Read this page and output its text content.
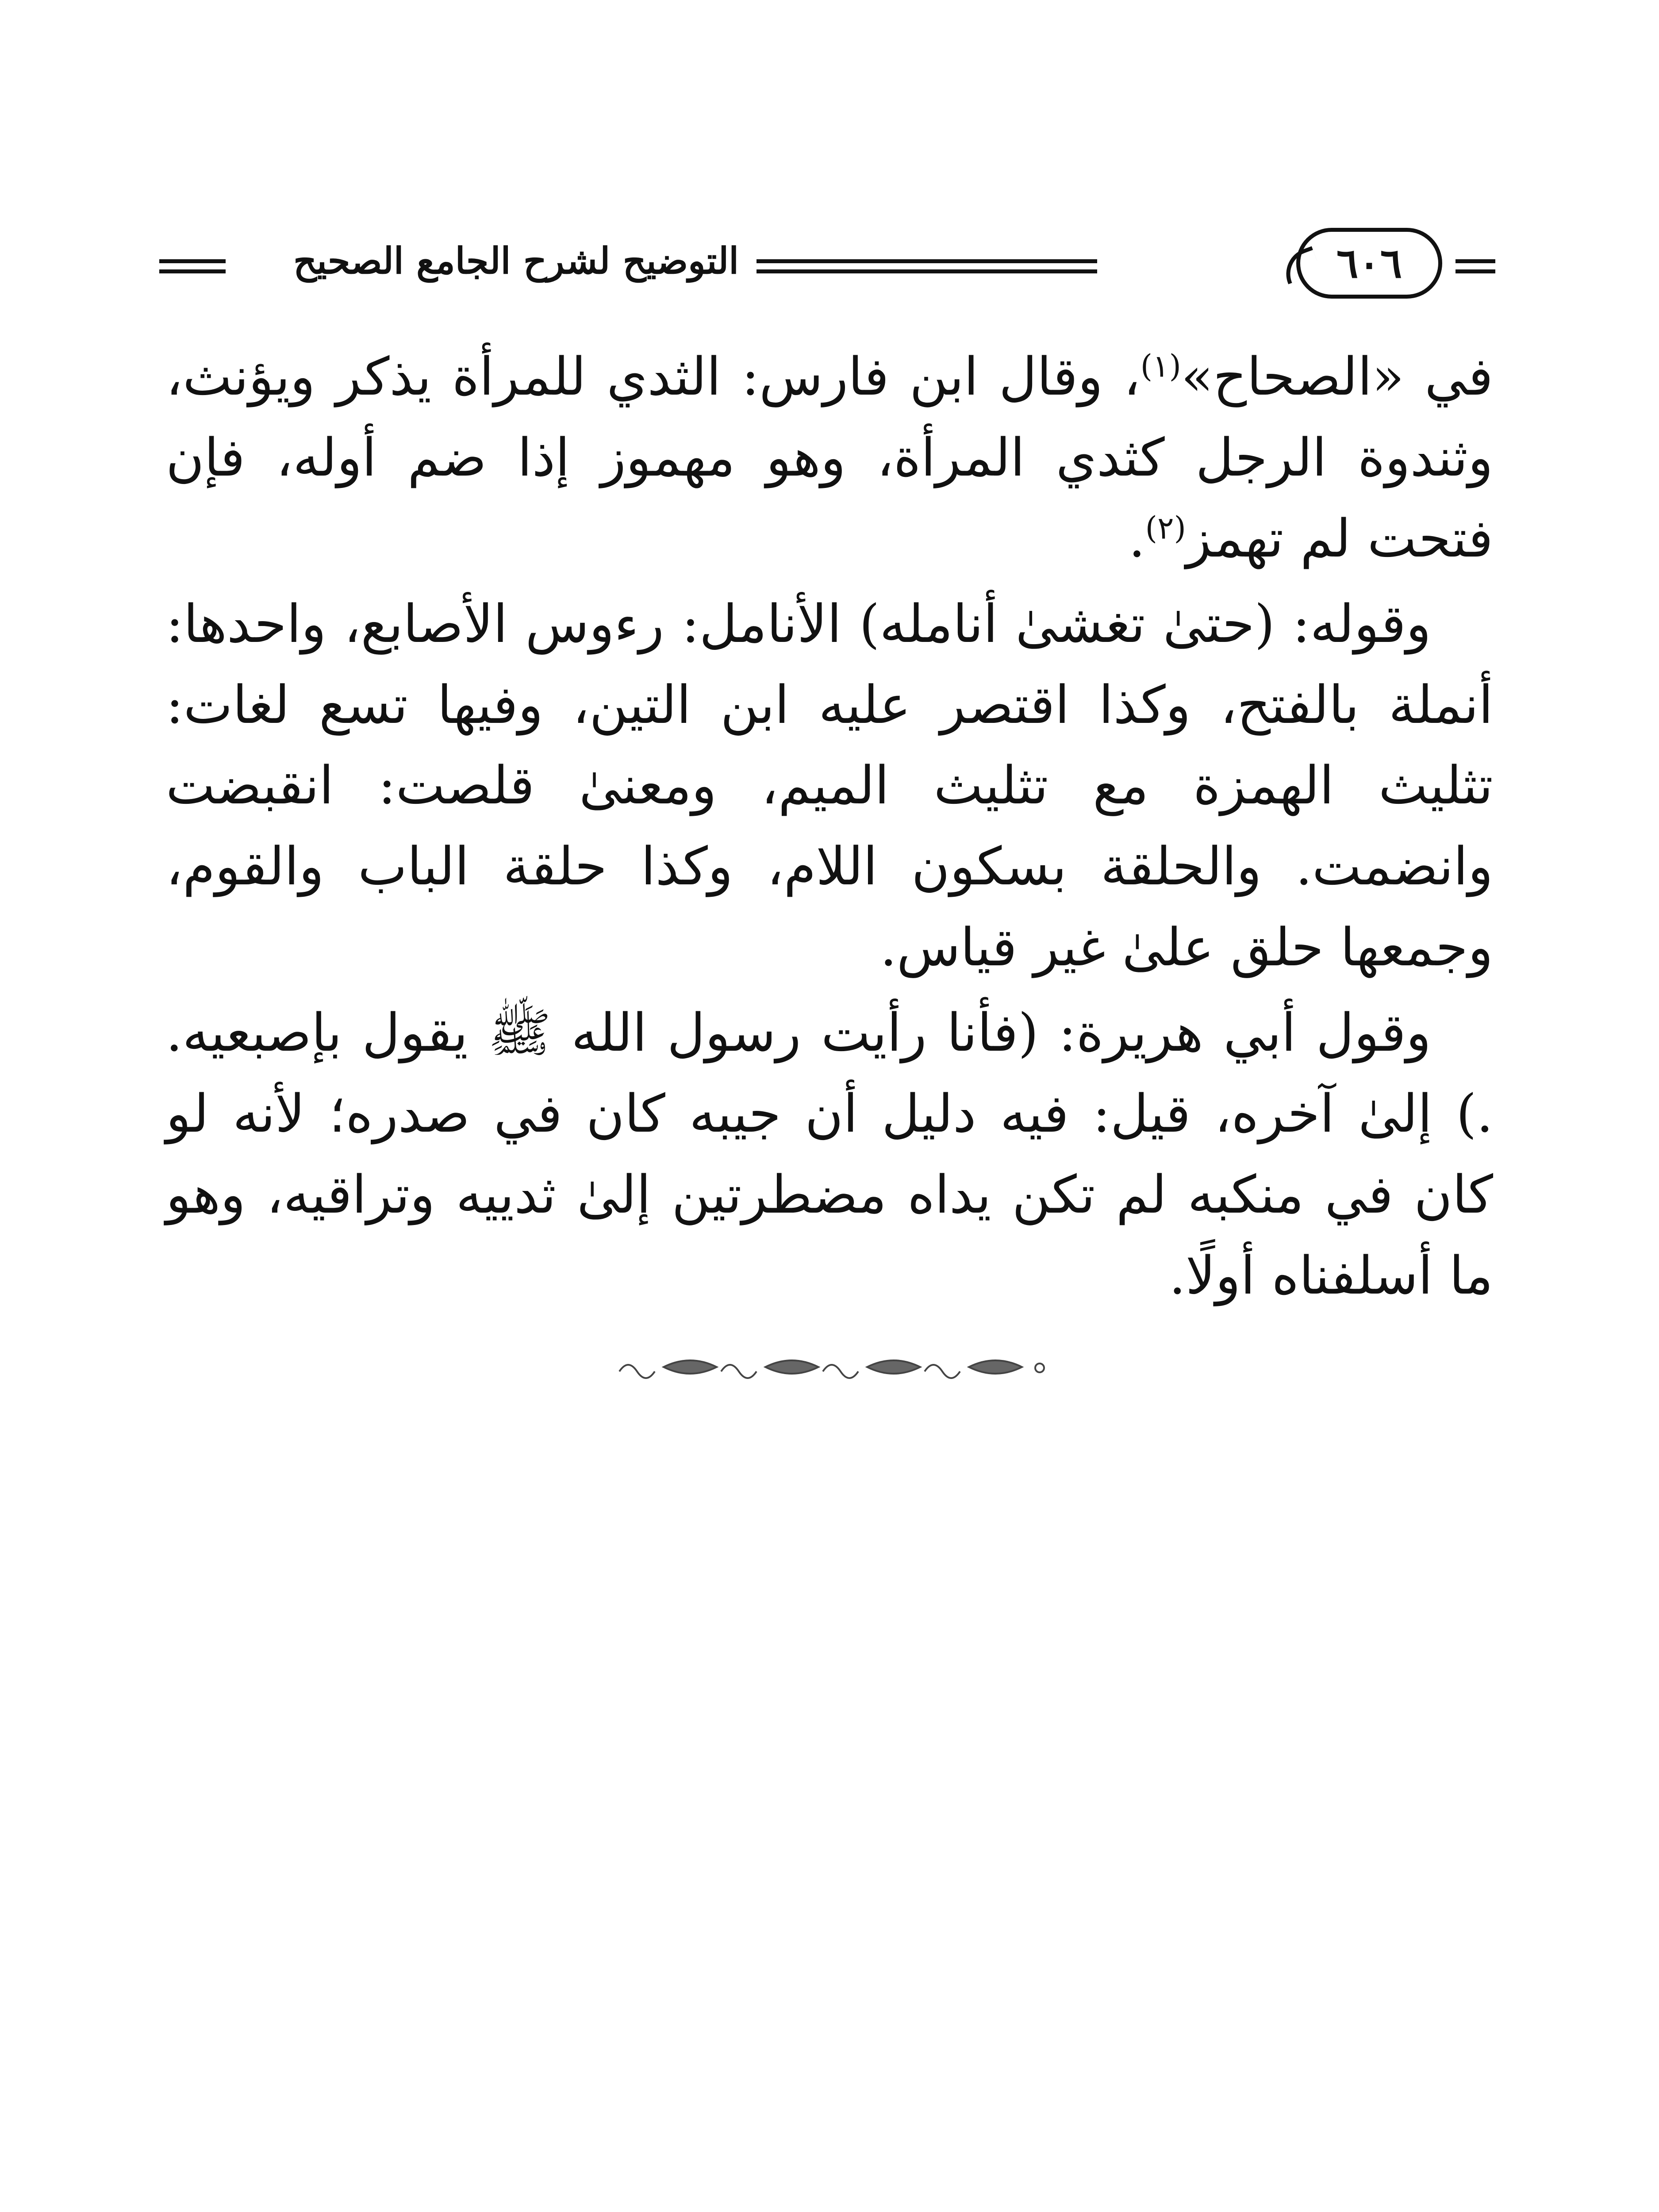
٦٠٦
التوضيح لشرح الجامع الصحيح

في «الصحاح»$^{(١)}$، وقال ابن فارس: الثدي للمرأة يذكر ويؤنث، وثندوة الرجل كثدي المرأة، وهو مهموز إذا ضم أوله، فإن فتحت لم تهمز$^{(٢)}$.

وقوله: (حتىٰ تغشىٰ أنامله) الأنامل: رءوس الأصابع، واحدها: أنملة بالفتح، وكذا اقتصر عليه ابن التين، وفيها تسع لغات: تثليث الهمزة مع تثليث الميم، ومعنىٰ قلصت: انقبضت وانضمت. والحلقة بسكون اللام، وكذا حلقة الباب والقوم، وجمعها حلق علىٰ غير قياس.

وقول أبي هريرة: (فأنا رأيت رسول الله ﷺ يقول بإصبعيه. .) إلىٰ آخره، قيل: فيه دليل أن جيبه كان في صدره؛ لأنه لو كان في منكبه لم تكن يداه مضطرتين إلىٰ ثدييه وتراقيه، وهو ما أسلفناه أولًا.
